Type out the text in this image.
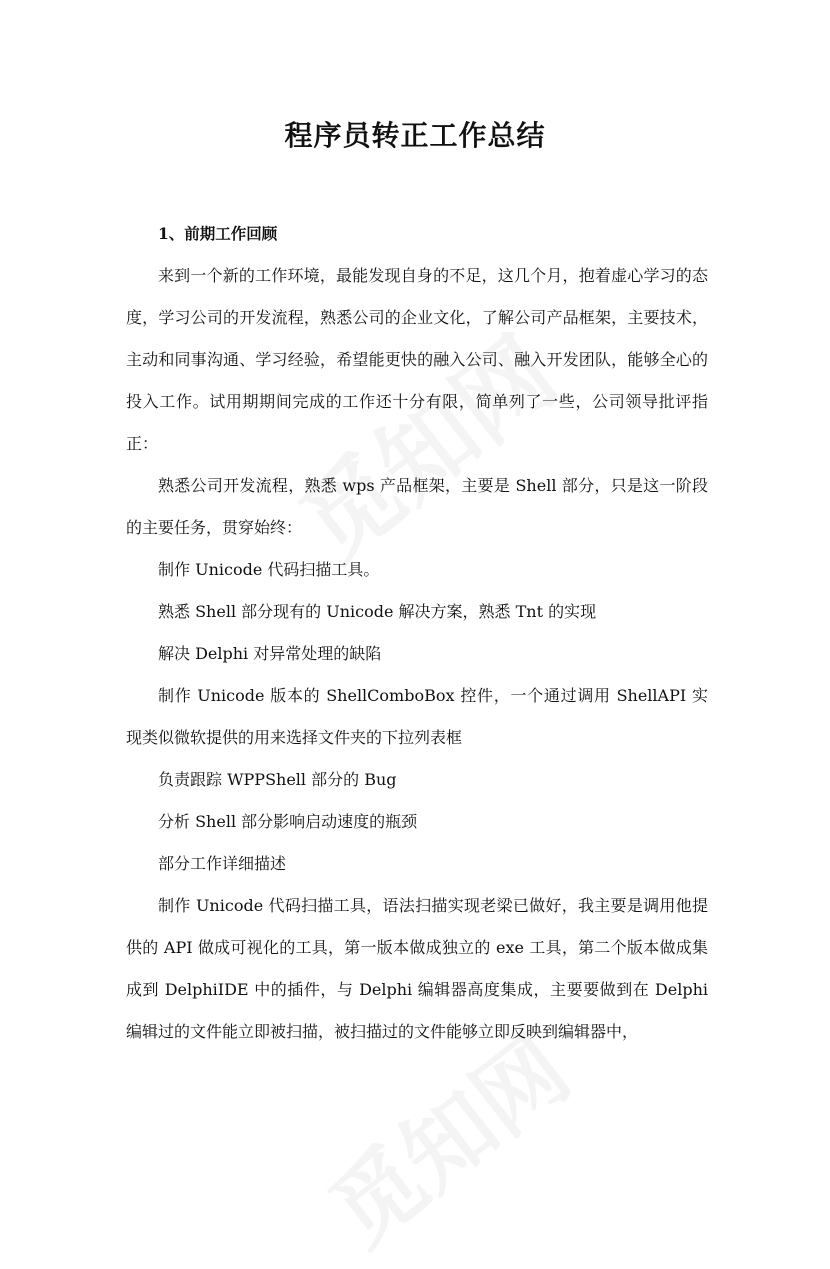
程序员转正工作总结

1、前期工作回顾

来到一个新的工作环境，最能发现自身的不足，这几个月，抱着虚心学习的态度，学习公司的开发流程，熟悉公司的企业文化，了解公司产品框架，主要技术，主动和同事沟通、学习经验，希望能更快的融入公司、融入开发团队，能够全心的投入工作。试用期期间完成的工作还十分有限，简单列了一些，公司领导批评指正：

熟悉公司开发流程，熟悉 wps 产品框架，主要是 Shell 部分，只是这一阶段的主要任务，贯穿始终：

制作 Unicode 代码扫描工具。

熟悉 Shell 部分现有的 Unicode 解决方案，熟悉 Tnt 的实现

解决 Delphi 对异常处理的缺陷

制作 Unicode 版本的 ShellComboBox 控件，一个通过调用 ShellAPI 实现类似微软提供的用来选择文件夹的下拉列表框

负责跟踪 WPPShell 部分的 Bug

分析 Shell 部分影响启动速度的瓶颈

部分工作详细描述

制作 Unicode 代码扫描工具，语法扫描实现老梁已做好，我主要是调用他提供的 API 做成可视化的工具，第一版本做成独立的 exe 工具，第二个版本做成集成到 DelphiIDE 中的插件，与 Delphi 编辑器高度集成，主要要做到在 Delphi 编辑过的文件能立即被扫描，被扫描过的文件能够立即反映到编辑器中，
